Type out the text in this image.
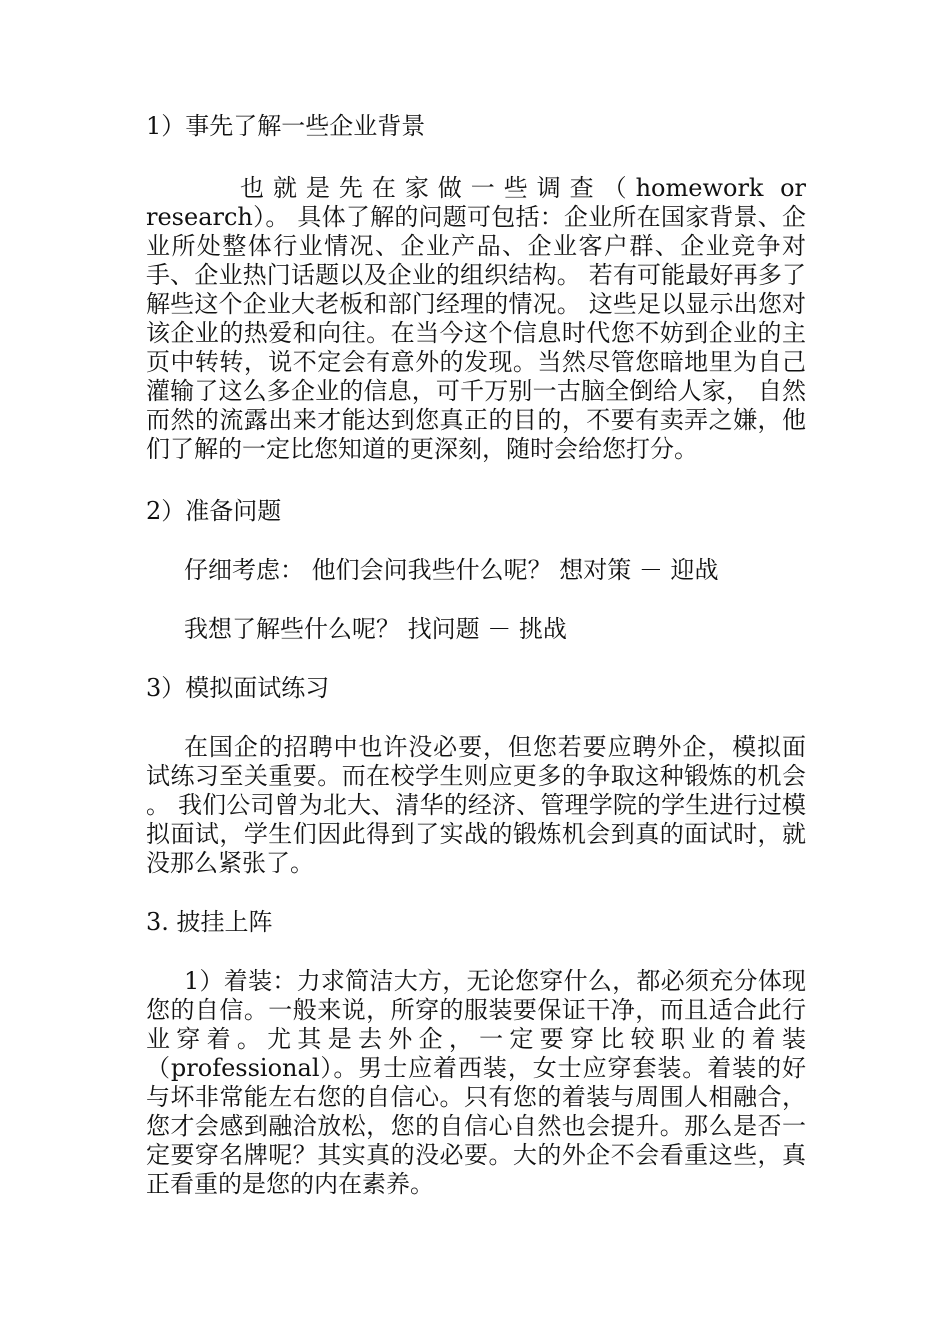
1）事先了解一些企业背景

也就是先在家做一些调查（homework or research）。 具体了解的问题可包括：企业所在国家背景、企业所处整体行业情况、企业产品、企业客户群、企业竞争对手、企业热门话题以及企业的组织结构。 若有可能最好再多了解些这个企业大老板和部门经理的情况。 这些足以显示出您对该企业的热爱和向往。在当今这个信息时代您不妨到企业的主页中转转，说不定会有意外的发现。当然尽管您暗地里为自己灌输了这么多企业的信息，可千万别一古脑全倒给人家， 自然而然的流露出来才能达到您真正的目的，不要有卖弄之嫌，他们了解的一定比您知道的更深刻，随时会给您打分。

2）准备问题

仔细考虑： 他们会问我些什么呢？ 想对策 － 迎战

我想了解些什么呢？ 找问题 － 挑战

3）模拟面试练习

在国企的招聘中也许没必要，但您若要应聘外企，模拟面试练习至关重要。而在校学生则应更多的争取这种锻炼的机会 。 我们公司曾为北大、清华的经济、管理学院的学生进行过模拟面试，学生们因此得到了实战的锻炼机会到真的面试时，就没那么紧张了。

3. 披挂上阵

1）着装：力求简洁大方，无论您穿什么，都必须充分体现您的自信。一般来说，所穿的服装要保证干净，而且适合此行业穿着。尤其是去外企，一定要穿比较职业的着装（professional）。男士应着西装，女士应穿套装。着装的好与坏非常能左右您的自信心。只有您的着装与周围人相融合，您才会感到融洽放松，您的自信心自然也会提升。那么是否一定要穿名牌呢？其实真的没必要。大的外企不会看重这些，真正看重的是您的内在素养。
